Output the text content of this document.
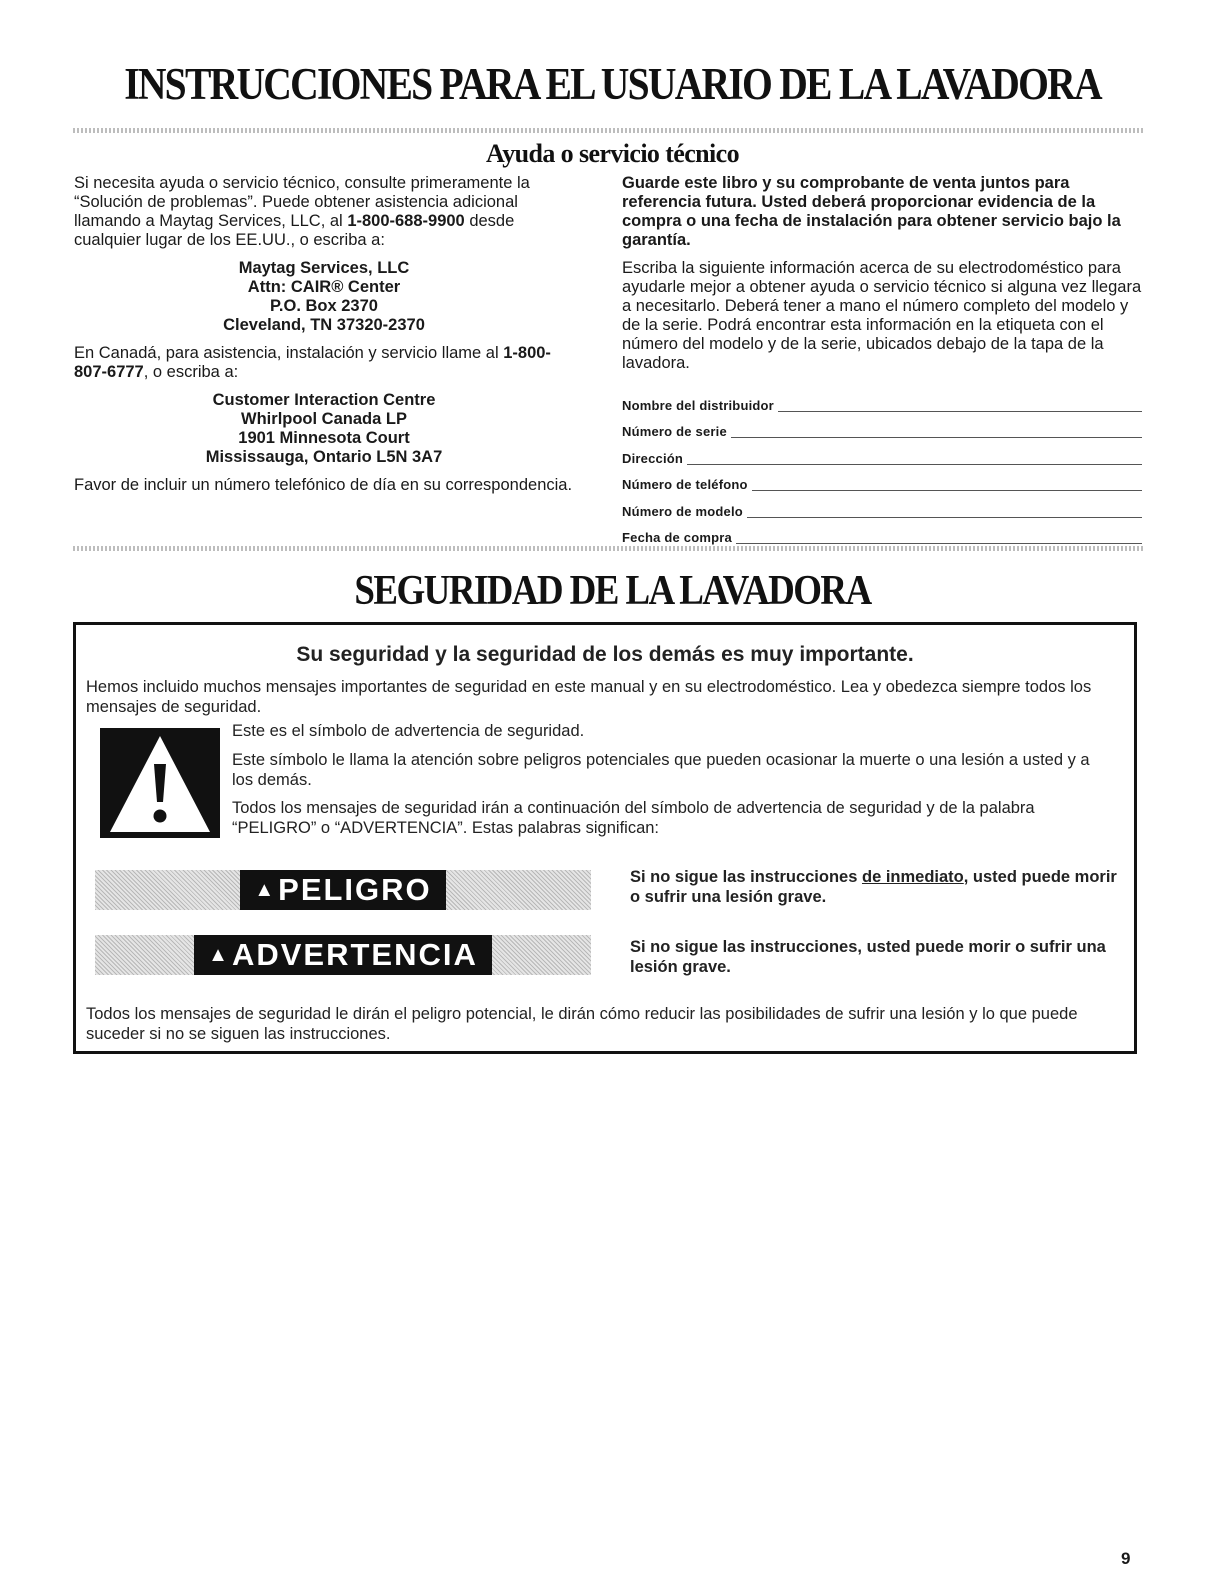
INSTRUCCIONES PARA EL USUARIO DE LA LAVADORA
Ayuda o servicio técnico

Si necesita ayuda o servicio técnico, consulte primeramente la “Solución de problemas”. Puede obtener asistencia adicional llamando a Maytag Services, LLC, al 1-800-688-9900 desde cualquier lugar de los EE.UU., o escriba a:

Maytag Services, LLC
Attn: CAIR® Center
P.O. Box 2370
Cleveland, TN 37320-2370

En Canadá, para asistencia, instalación y servicio llame al 1-800-807-6777, o escriba a:

Customer Interaction Centre
Whirlpool Canada LP
1901 Minnesota Court
Mississauga, Ontario L5N 3A7

Favor de incluir un número telefónico de día en su correspondencia.

Guarde este libro y su comprobante de venta juntos para referencia futura. Usted deberá proporcionar evidencia de la compra o una fecha de instalación para obtener servicio bajo la garantía.

Escriba la siguiente información acerca de su electrodoméstico para ayudarle mejor a obtener ayuda o servicio técnico si alguna vez llegara a necesitarlo. Deberá tener a mano el número completo del modelo y de la serie. Podrá encontrar esta información en la etiqueta con el número del modelo y de la serie, ubicados debajo de la tapa de la lavadora.

Nombre del distribuidor
Número de serie
Dirección
Número de teléfono
Número de modelo
Fecha de compra
SEGURIDAD DE LA LAVADORA

Su seguridad y la seguridad de los demás es muy importante.

Hemos incluido muchos mensajes importantes de seguridad en este manual y en su electrodoméstico. Lea y obedezca siempre todos los mensajes de seguridad.

Este es el símbolo de advertencia de seguridad.

Este símbolo le llama la atención sobre peligros potenciales que pueden ocasionar la muerte o una lesión a usted y a los demás.

Todos los mensajes de seguridad irán a continuación del símbolo de advertencia de seguridad y de la palabra “PELIGRO” o “ADVERTENCIA”. Estas palabras significan:

▲ PELIGRO	Si no sigue las instrucciones de inmediato, usted puede morir o sufrir una lesión grave.

▲ ADVERTENCIA	Si no sigue las instrucciones, usted puede morir o sufrir una lesión grave.

Todos los mensajes de seguridad le dirán el peligro potencial, le dirán cómo reducir las posibilidades de sufrir una lesión y lo que puede suceder si no se siguen las instrucciones.

9
